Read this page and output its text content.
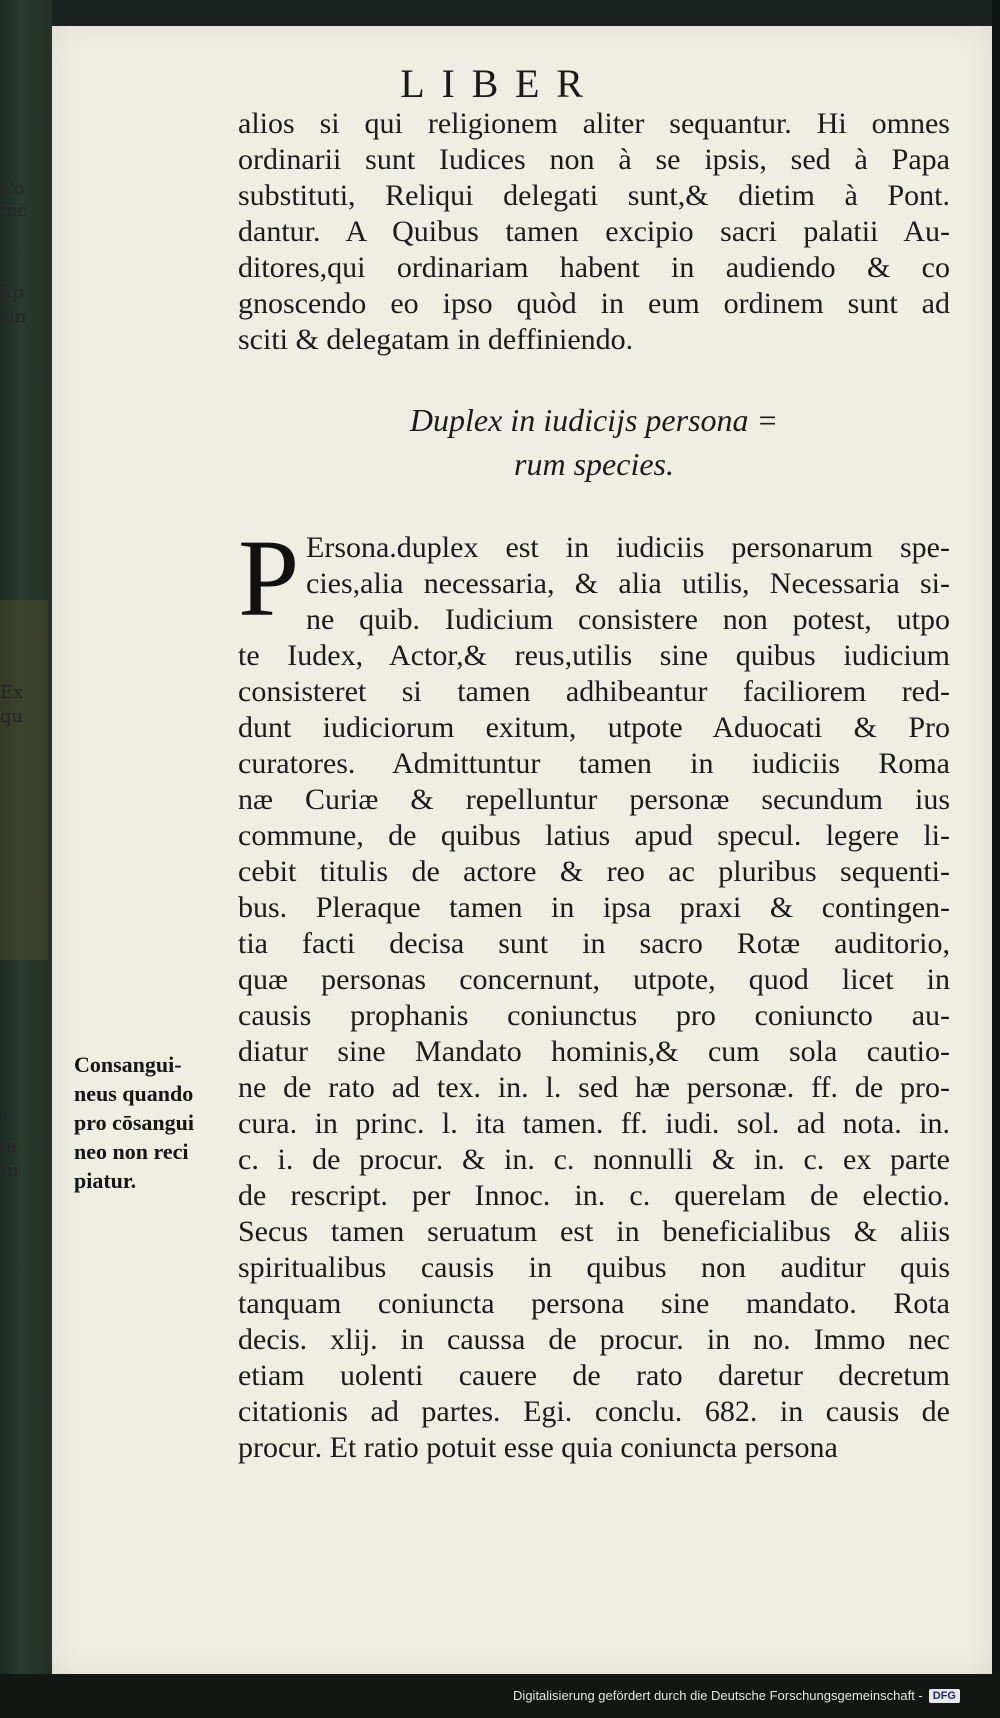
Co
dic
Sp
sin
Ex
qu
T
fa
tu
LIBER
alios si qui religionem aliter sequantur. Hi omnes
ordinarii sunt Iudices non à se ipsis, sed à Papa
substituti, Reliqui delegati sunt,& dietim à Pont.
dantur. A Quibus tamen excipio sacri palatii Au-
ditores,qui ordinariam habent in audiendo & co
gnoscendo eo ipso quòd in eum ordinem sunt ad
sciti & delegatam in deffiniendo.
Duplex in iudicijs persona =
rum species.
P Ersona.duplex est in iudiciis personarum spe-
cies,alia necessaria, & alia utilis, Necessaria si-
ne quib. Iudicium consistere non potest, utpo
te Iudex, Actor,& reus,utilis sine quibus iudicium
consisteret si tamen adhibeantur faciliorem red-
dunt iudiciorum exitum, utpote Aduocati & Pro
curatores. Admittuntur tamen in iudiciis Roma
næ Curiæ & repelluntur personæ secundum ius
commune, de quibus latius apud specul. legere li-
cebit titulis de actore & reo ac pluribus sequenti-
bus. Pleraque tamen in ipsa praxi & contingen-
tia facti decisa sunt in sacro Rotæ auditorio,
quæ personas concernunt, utpote, quod licet in
causis prophanis coniunctus pro coniuncto au-
diatur sine Mandato hominis,& cum sola cautio-
ne de rato ad tex. in. l. sed hæ personæ. ff. de pro-
cura. in princ. l. ita tamen. ff. iudi. sol. ad nota. in.
c. i. de procur. & in. c. nonnulli & in. c. ex parte
de rescript. per Innoc. in. c. querelam de electio.
Secus tamen seruatum est in beneficialibus & aliis
spiritualibus causis in quibus non auditur quis
tanquam coniuncta persona sine mandato. Rota
decis. xlij. in caussa de procur. in no. Immo nec
etiam uolenti cauere de rato daretur decretum
citationis ad partes. Egi. conclu. 682. in causis de
procur. Et ratio potuit esse quia coniuncta persona
Consangui-
neus quando
pro cōsangui
neo non reci
piatur.
Digitalisierung gefördert durch die Deutsche Forschungsgemeinschaft - DFG
